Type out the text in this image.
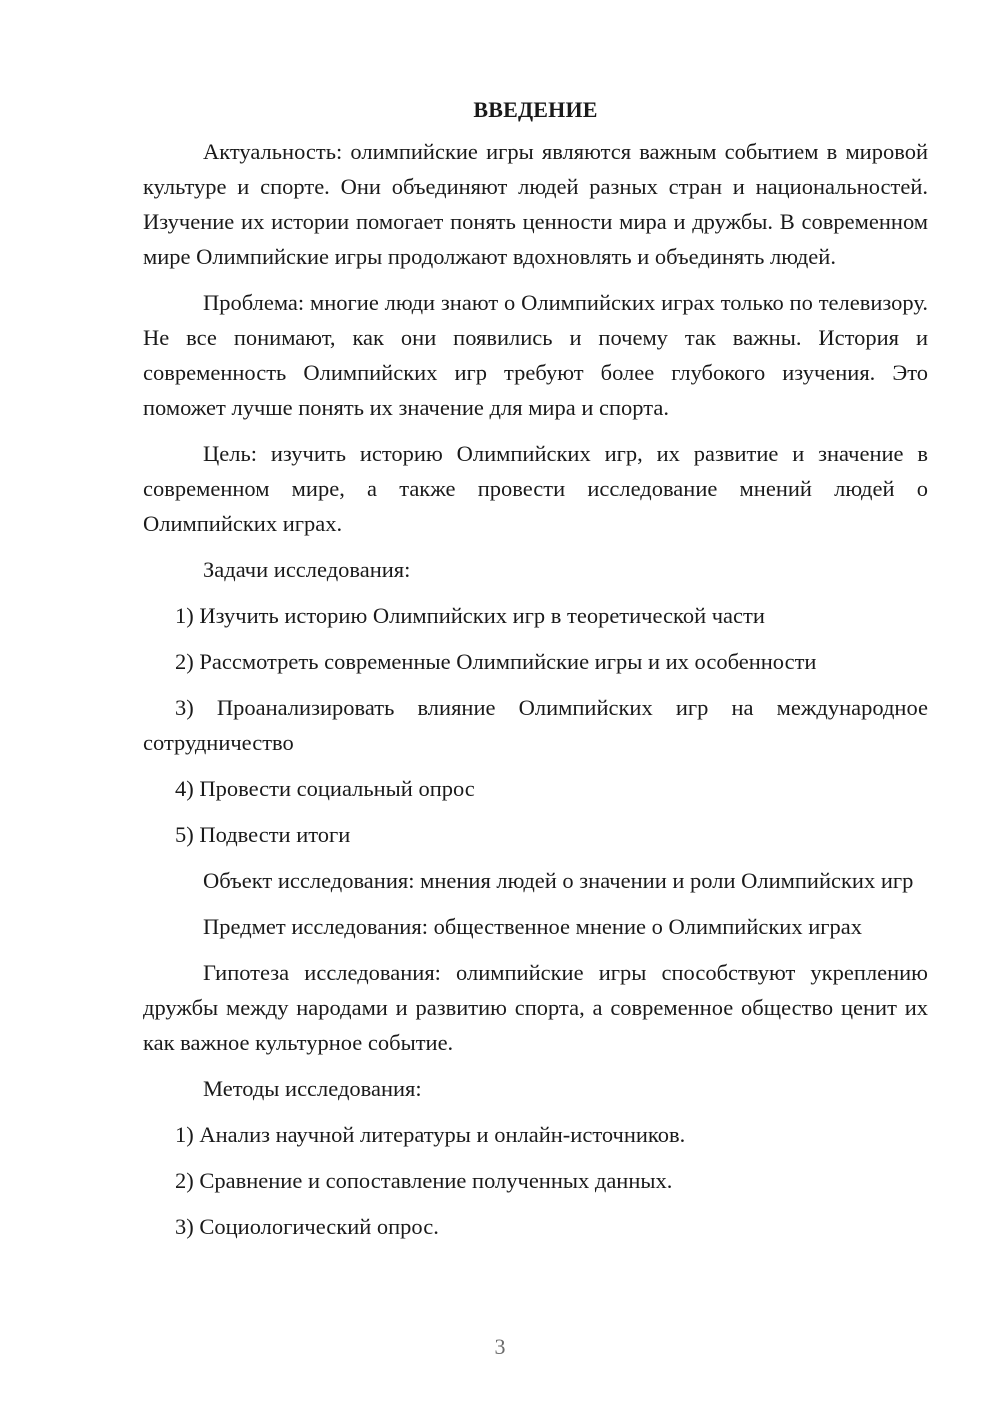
ВВЕДЕНИЕ

Актуальность: олимпийские игры являются важным событием в мировой культуре и спорте. Они объединяют людей разных стран и национальностей. Изучение их истории помогает понять ценности мира и дружбы. В современном мире Олимпийские игры продолжают вдохновлять и объединять людей.

Проблема: многие люди знают о Олимпийских играх только по телевизору. Не все понимают, как они появились и почему так важны. История и современность Олимпийских игр требуют более глубокого изучения. Это поможет лучше понять их значение для мира и спорта.

Цель: изучить историю Олимпийских игр, их развитие и значение в современном мире, а также провести исследование мнений людей о Олимпийских играх.

Задачи исследования:

1) Изучить историю Олимпийских игр в теоретической части

2) Рассмотреть современные Олимпийские игры и их особенности

3) Проанализировать влияние Олимпийских игр на международное сотрудничество

4) Провести социальный опрос

5) Подвести итоги

Объект исследования: мнения людей о значении и роли Олимпийских игр

Предмет исследования: общественное мнение о Олимпийских играх

Гипотеза исследования: олимпийские игры способствуют укреплению дружбы между народами и развитию спорта, а современное общество ценит их как важное культурное событие.

Методы исследования:

1) Анализ научной литературы и онлайн-источников.

2) Сравнение и сопоставление полученных данных.

3) Социологический опрос.

3
